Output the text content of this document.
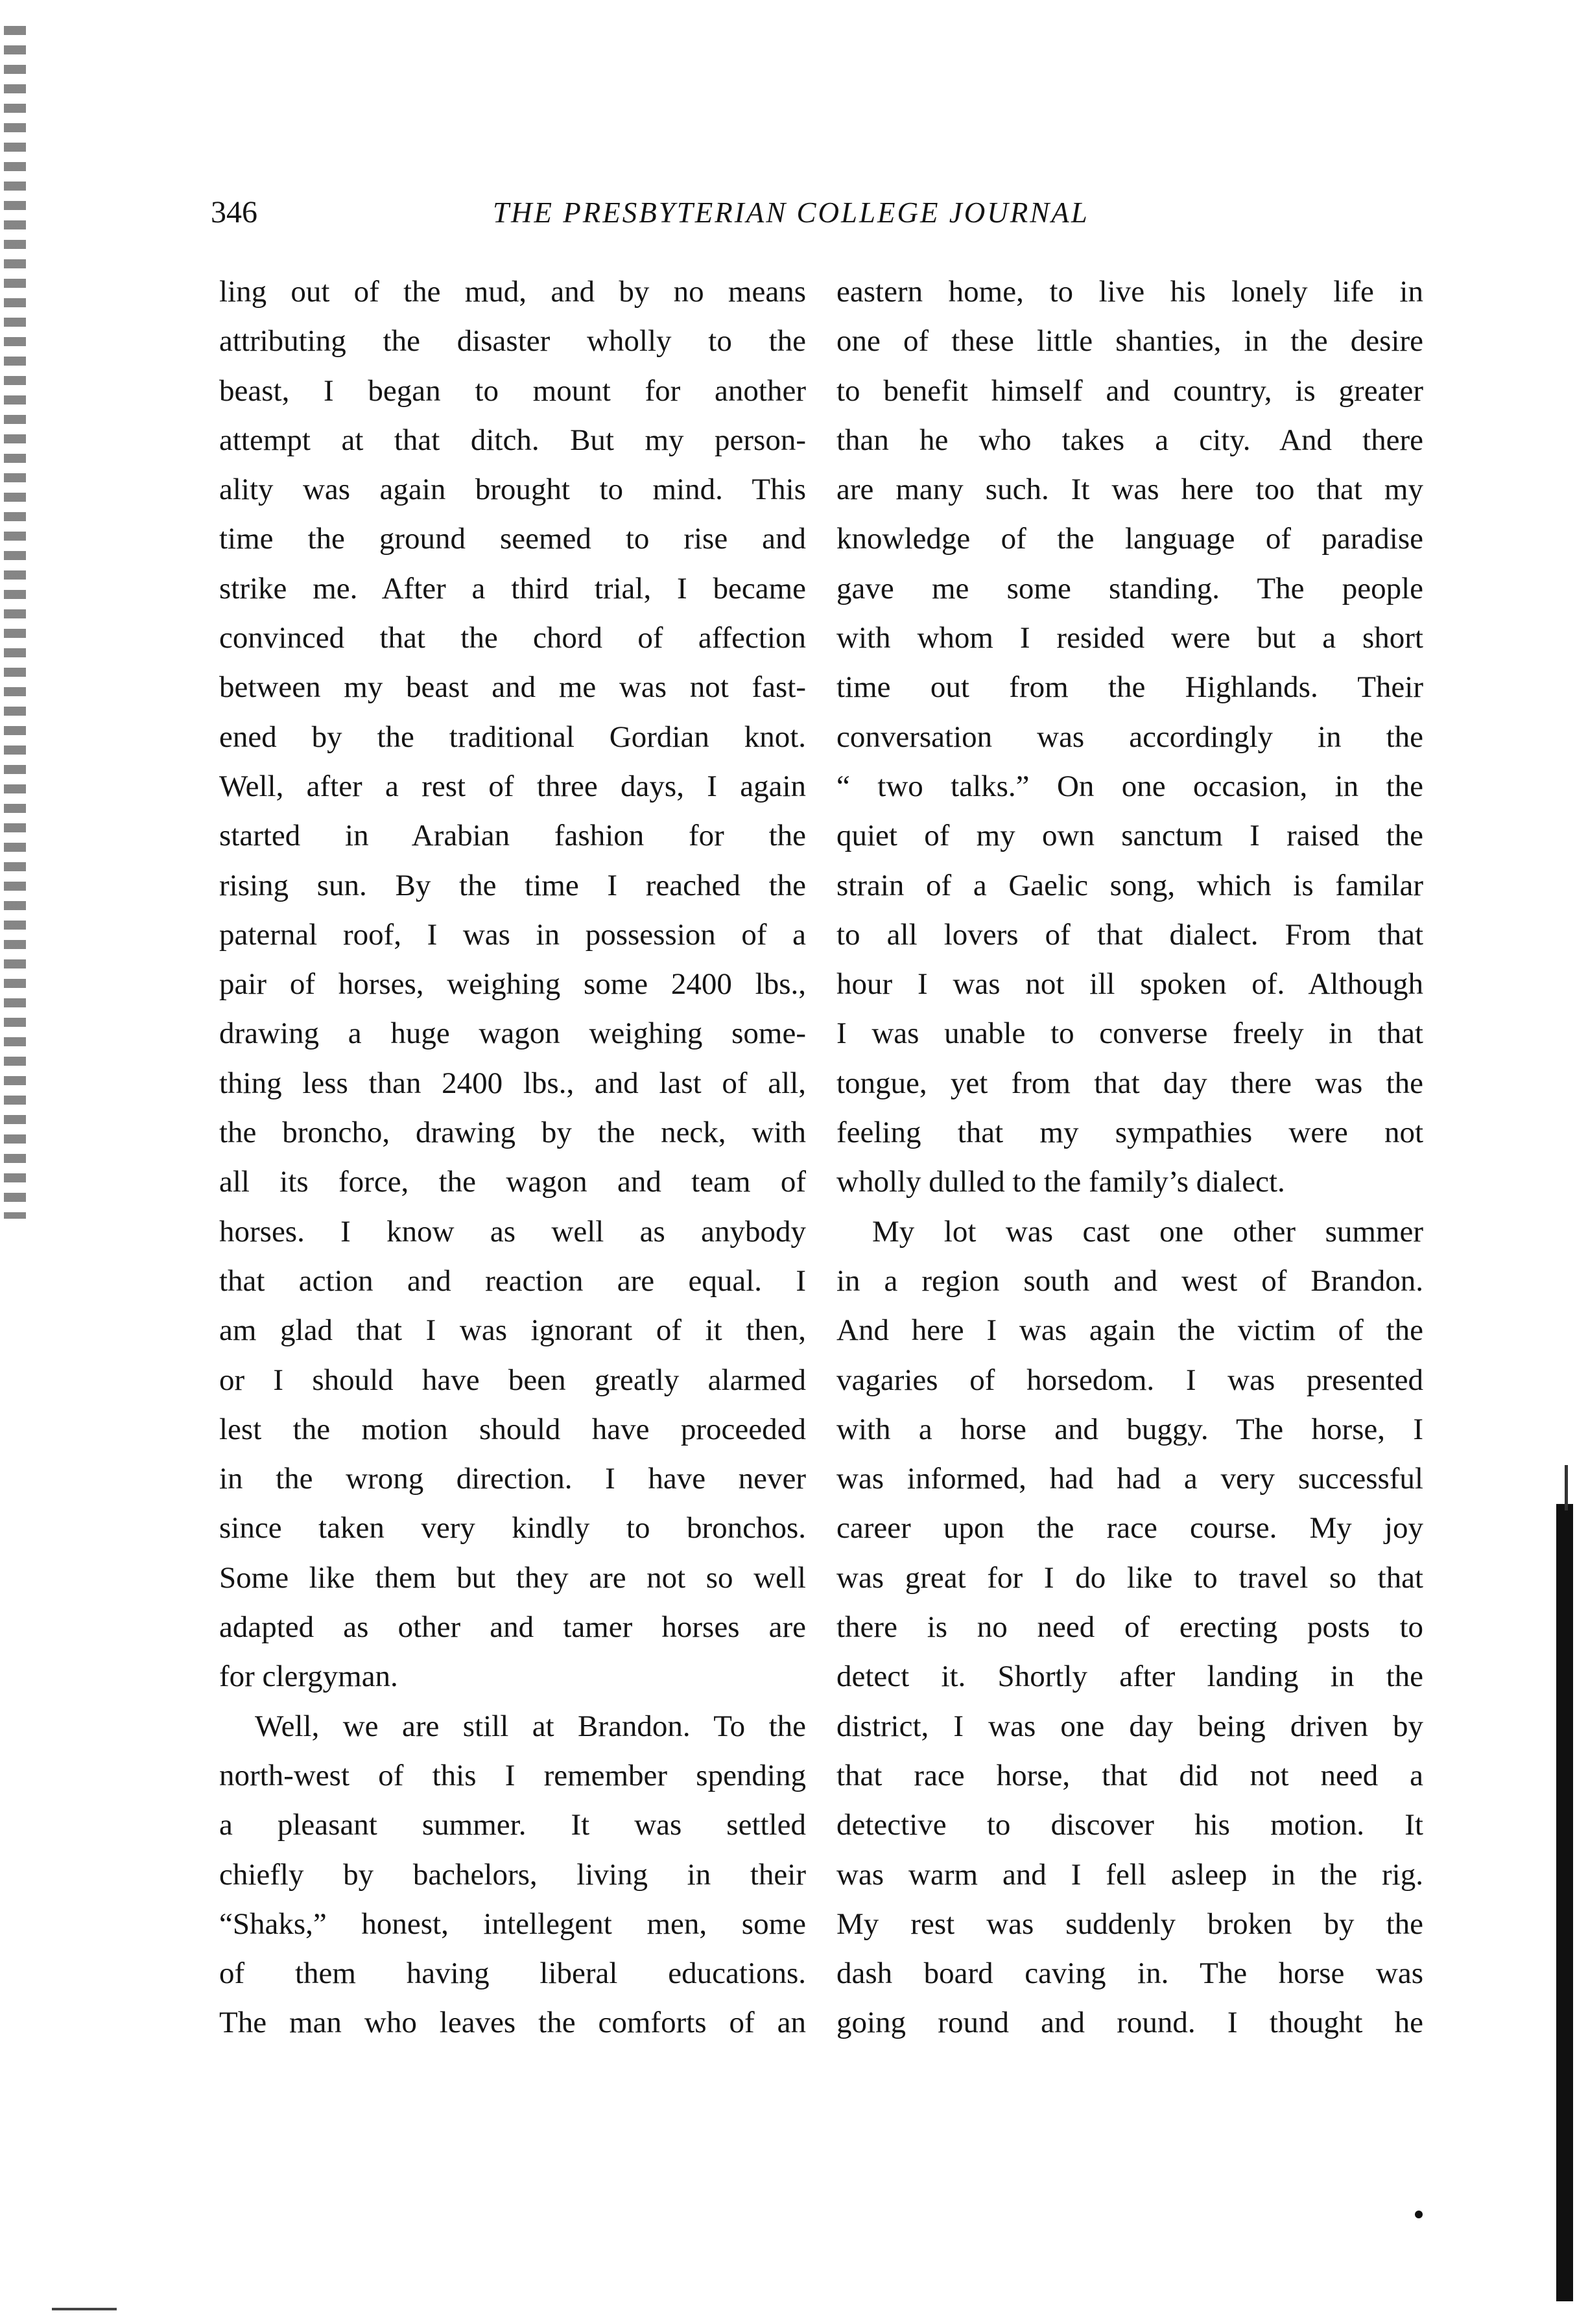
346	THE PRESBYTERIAN COLLEGE JOURNAL
ling out of the mud, and by no means
attributing the disaster wholly to the
beast, I began to mount for another
attempt at that ditch. But my person-
ality was again brought to mind. This
time the ground seemed to rise and
strike me. After a third trial, I became
convinced that the chord of affection
between my beast and me was not fast-
ened by the traditional Gordian knot.
Well, after a rest of three days, I again
started in Arabian fashion for the
rising sun. By the time I reached the
paternal roof, I was in possession of a
pair of horses, weighing some 2400 lbs.,
drawing a huge wagon weighing some-
thing less than 2400 lbs., and last of all,
the broncho, drawing by the neck, with
all its force, the wagon and team of
horses. I know as well as anybody
that action and reaction are equal. I
am glad that I was ignorant of it then,
or I should have been greatly alarmed
lest the motion should have proceeded
in the wrong direction. I have never
since taken very kindly to bronchos.
Some like them but they are not so well
adapted as other and tamer horses are
for clergyman.
Well, we are still at Brandon. To the
north-west of this I remember spending
a pleasant summer. It was settled
chiefly by bachelors, living in their
“Shaks,” honest, intellegent men, some
of them having liberal educations.
The man who leaves the comforts of an
eastern home, to live his lonely life in
one of these little shanties, in the desire
to benefit himself and country, is greater
than he who takes a city. And there
are many such. It was here too that my
knowledge of the language of paradise
gave me some standing. The people
with whom I resided were but a short
time out from the Highlands. Their
conversation was accordingly in the
“ two talks.” On one occasion, in the
quiet of my own sanctum I raised the
strain of a Gaelic song, which is familar
to all lovers of that dialect. From that
hour I was not ill spoken of. Although
I was unable to converse freely in that
tongue, yet from that day there was the
feeling that my sympathies were not
wholly dulled to the family’s dialect.
My lot was cast one other summer
in a region south and west of Brandon.
And here I was again the victim of the
vagaries of horsedom. I was presented
with a horse and buggy. The horse, I
was informed, had had a very successful
career upon the race course. My joy
was great for I do like to travel so that
there is no need of erecting posts to
detect it. Shortly after landing in the
district, I was one day being driven by
that race horse, that did not need a
detective to discover his motion. It
was warm and I fell asleep in the rig.
My rest was suddenly broken by the
dash board caving in. The horse was
going round and round. I thought he
